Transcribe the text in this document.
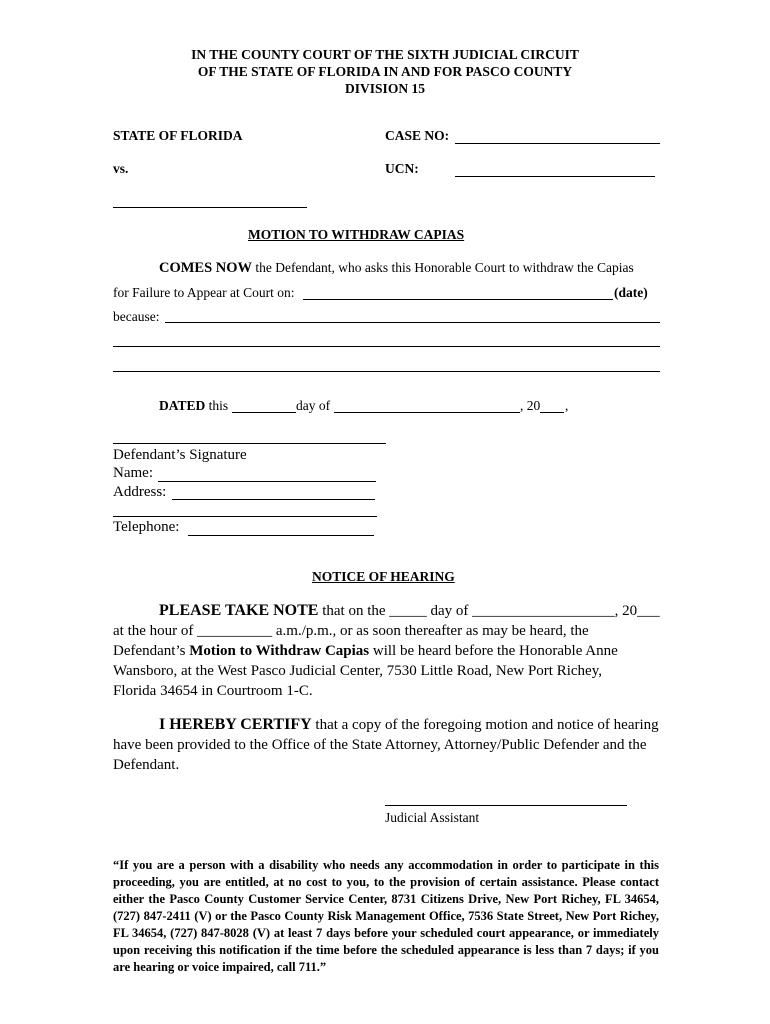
IN THE COUNTY COURT OF THE SIXTH JUDICIAL CIRCUIT
OF THE STATE OF FLORIDA IN AND FOR PASCO COUNTY
DIVISION 15
STATE OF FLORIDA	CASE NO:
vs.	UCN:
MOTION TO WITHDRAW CAPIAS
COMES NOW the Defendant, who asks this Honorable Court to withdraw the Capias
for Failure to Appear at Court on:	(date)
because:
DATED this	day of	, 20 ,
Defendant’s Signature
Name:
Address:
Telephone:
NOTICE OF HEARING
PLEASE TAKE NOTE that on the _____ day of ___________________, 20___
at the hour of __________ a.m./p.m., or as soon thereafter as may be heard, the
Defendant’s Motion to Withdraw Capias will be heard before the Honorable Anne
Wansboro, at the West Pasco Judicial Center, 7530 Little Road, New Port Richey,
Florida 34654 in Courtroom 1-C.
I HEREBY CERTIFY that a copy of the foregoing motion and notice of hearing
have been provided to the Office of the State Attorney, Attorney/Public Defender and the
Defendant.
Judicial Assistant
“If you are a person with a disability who needs any accommodation in order to participate in this proceeding, you are entitled, at no cost to you, to the provision of certain assistance. Please contact either the Pasco County Customer Service Center, 8731 Citizens Drive, New Port Richey, FL 34654, (727) 847-2411 (V) or the Pasco County Risk Management Office, 7536 State Street, New Port Richey, FL 34654, (727) 847-8028 (V) at least 7 days before your scheduled court appearance, or immediately upon receiving this notification if the time before the scheduled appearance is less than 7 days; if you are hearing or voice impaired, call 711.”
